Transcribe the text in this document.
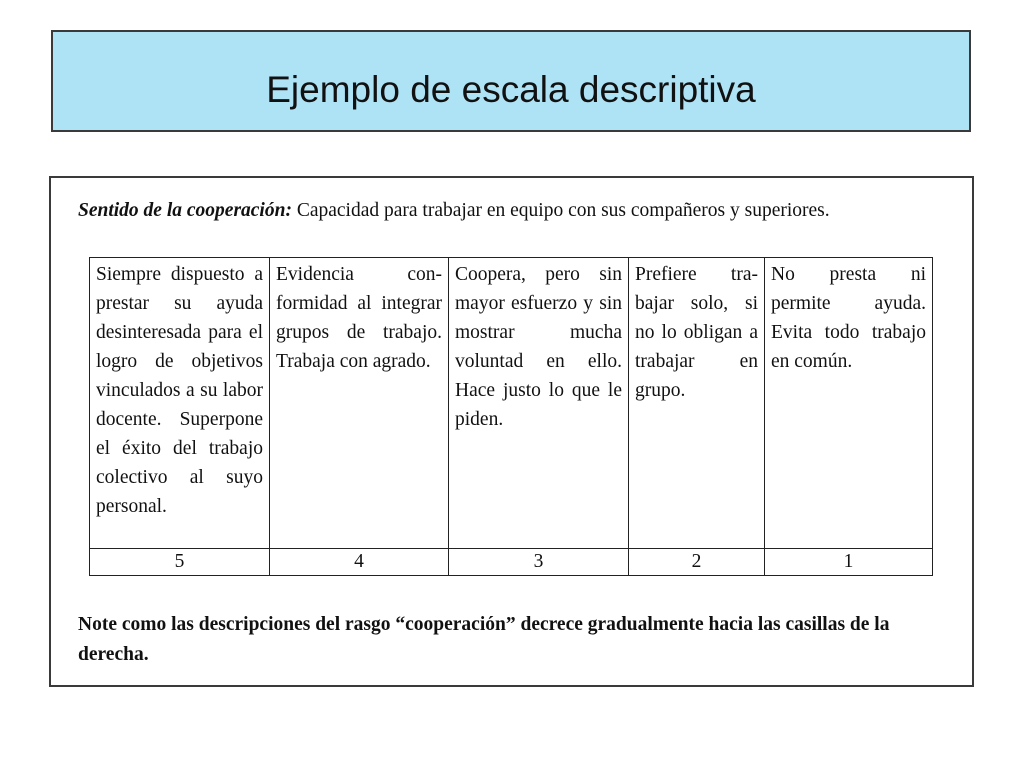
Ejemplo de escala descriptiva
Sentido de la cooperación: Capacidad para trabajar en equipo con sus compañeros y superiores.
Siempre dispuesto a prestar su ayuda desinteresada para el logro de objetivos vinculados a su labor docente. Superpone el éxito del trabajo colectivo al suyo personal.	Evidencia conformidad al integrar grupos de trabajo. Trabaja con agrado.	Coopera, pero sin mayor esfuerzo y sin mostrar mucha voluntad en ello. Hace justo lo que le piden.	Prefiere trabajar solo, si no lo obligan a trabajar en grupo.	No presta ni permite ayuda. Evita todo trabajo en común.
5	4	3	2	1
Note como las descripciones del rasgo “cooperación” decrece gradualmente hacia las casillas de la derecha.
